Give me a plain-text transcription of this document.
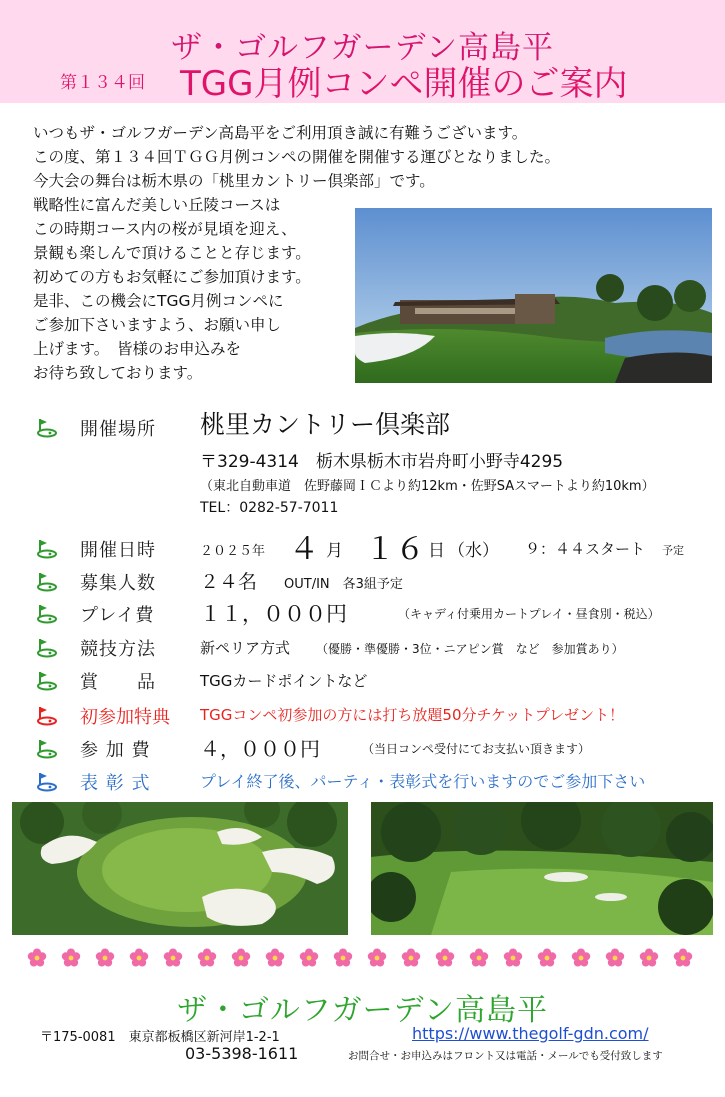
ザ・ゴルフガーデン高島平
第１３４回 TGG月例コンペ開催のご案内
いつもザ・ゴルフガーデン高島平をご利用頂き誠に有難うございます。
この度、第１３４回ＴＧＧ月例コンペの開催を開催する運びとなりました。
今大会の舞台は栃木県の「桃里カントリー倶楽部」です。
戦略性に富んだ美しい丘陵コースは
この時期コース内の桜が見頃を迎え、
景観も楽しんで頂けることと存じます。
初めての方もお気軽にご参加頂けます。
是非、この機会にTGG月例コンペに
ご参加下さいますよう、お願い申し
上げます。　皆様のお申込みを
お待ち致しております。
開催場所 桃里カントリー倶楽部
〒329-4314　栃木県栃木市岩舟町小野寺4295
（東北自動車道　佐野藤岡ＩＣより約12km・佐野SAスマートより約10km）
TEL：0282-57-7011
開催日時	２０２５年 ４ 月 １６ 日 （水） ９：４４スタート 予定
募集人数 ２４名 OUT/IN　各3組予定
プレイ費 １１，０００円	（キャディ付乗用カートプレイ・昼食別・税込）
競技方法	新ペリア方式 （優勝・準優勝・3位・ニアピン賞　など　参加賞あり）
賞　　品	TGGカードポイントなど
初参加特典 TGGコンペ初参加の方には打ち放題50分チケットプレゼント！
参 加 費 ４，０００円	（当日コンペ受付にてお支払い頂きます）
表 彰 式	プレイ終了後、パーティ・表彰式を行いますのでご参加下さい
ザ・ゴルフガーデン高島平
〒175-0081　東京都板橋区新河岸1-2-1	https://www.thegolf-gdn.com/
03-5398-1611	お問合せ・お申込みはフロント又は電話・メールでも受付致します
